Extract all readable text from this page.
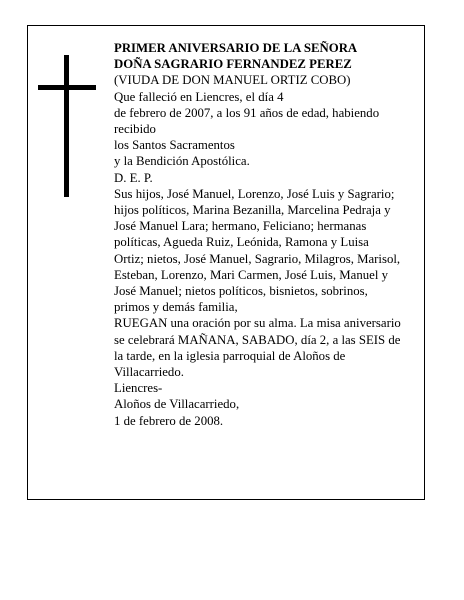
PRIMER ANIVERSARIO DE LA SEÑORA
DOÑA SAGRARIO FERNANDEZ PEREZ
(VIUDA DE DON MANUEL ORTIZ COBO)
Que falleció en Liencres, el día 4
de febrero de 2007, a los 91 años de edad, habiendo
recibido
los Santos Sacramentos
y la Bendición Apostólica.
D. E. P.
Sus hijos, José Manuel, Lorenzo, José Luis y Sagrario;
hijos políticos, Marina Bezanilla, Marcelina Pedraja y
José Manuel Lara; hermano, Feliciano; hermanas
políticas, Agueda Ruiz, Leónida, Ramona y Luisa
Ortiz; nietos, José Manuel, Sagrario, Milagros, Marisol,
Esteban, Lorenzo, Mari Carmen, José Luis, Manuel y
José Manuel; nietos políticos, bisnietos, sobrinos,
primos y demás familia,
RUEGAN una oración por su alma. La misa aniversario
se celebrará MAÑANA, SABADO, día 2, a las SEIS de
la tarde, en la iglesia parroquial de Aloños de
Villacarriedo.
Liencres-
Aloños de Villacarriedo,
1 de febrero de 2008.
